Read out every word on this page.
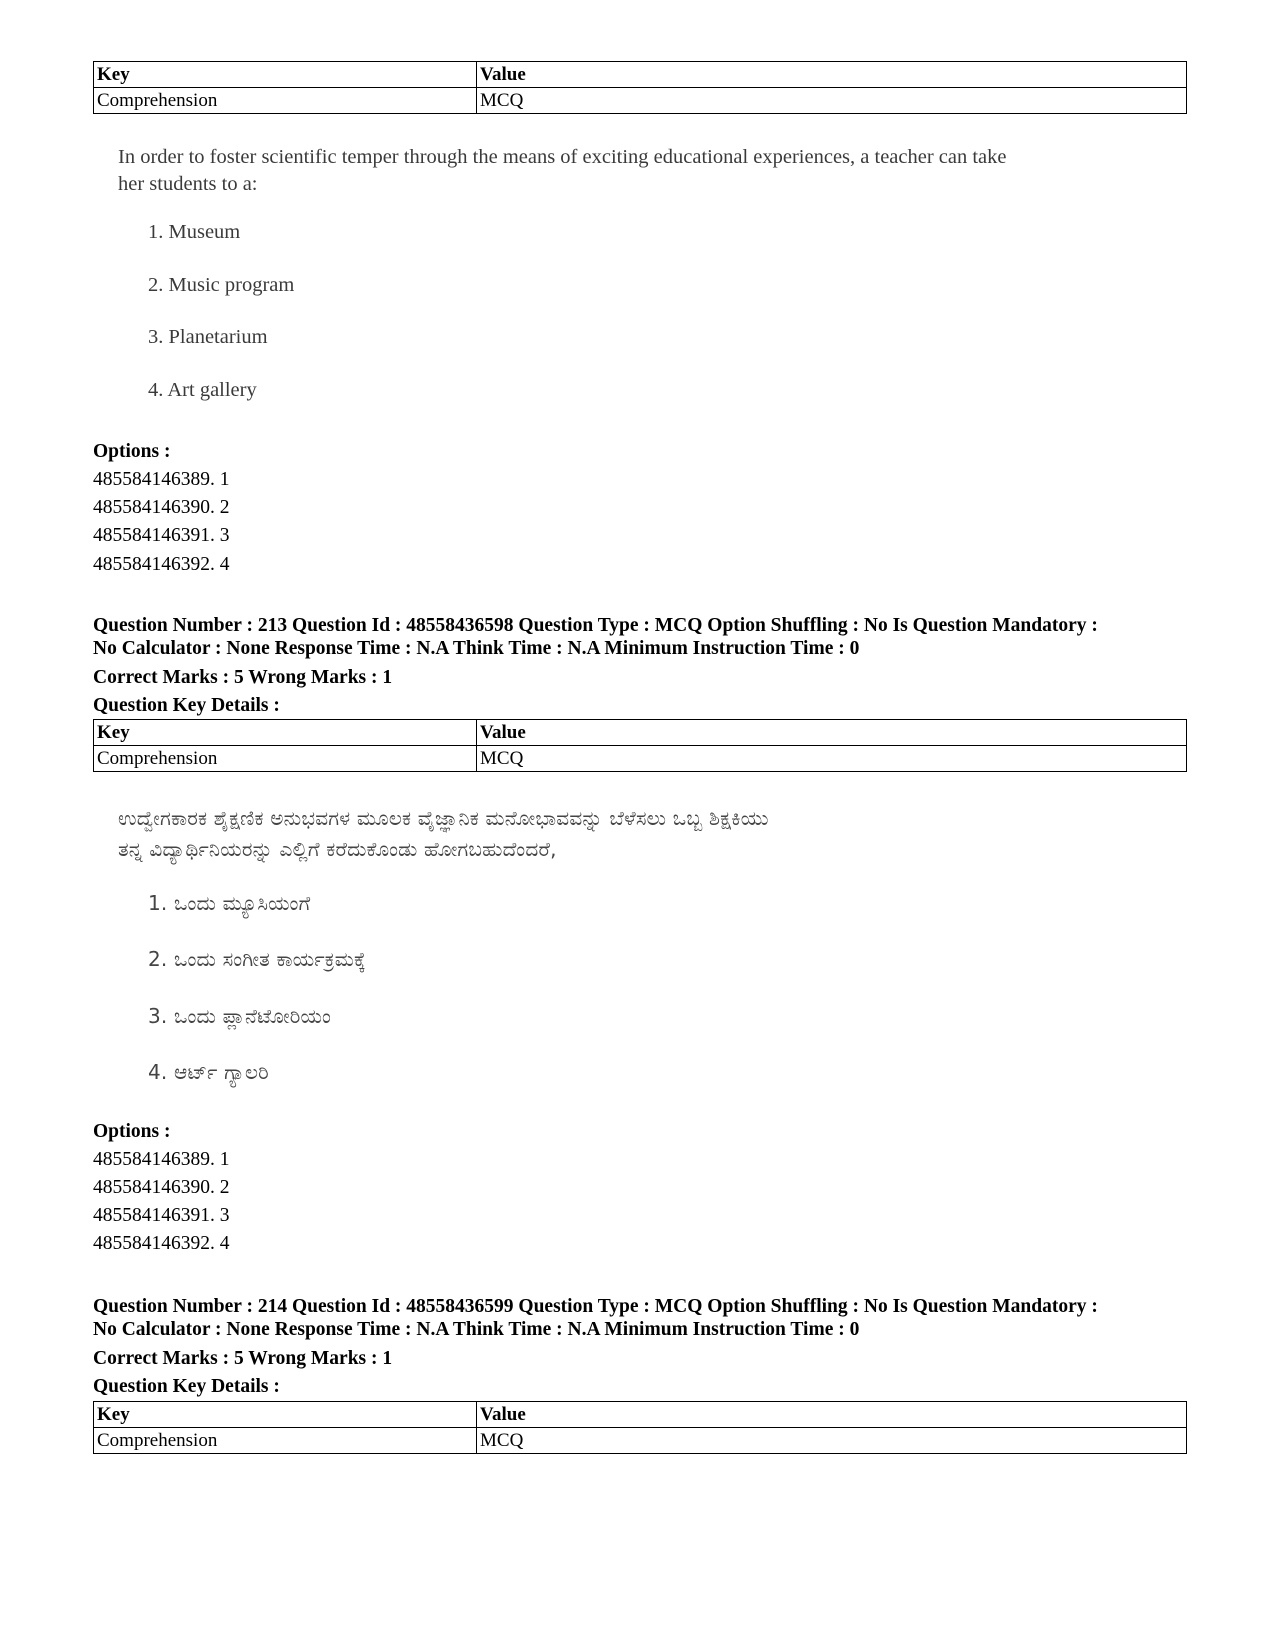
Key	Value
Comprehension	MCQ

In order to foster scientific temper through the means of exciting educational experiences, a teacher can take

her students to a:

1. Museum
2. Music program
3. Planetarium
4. Art gallery
Options :
485584146389. 1
485584146390. 2
485584146391. 3
485584146392. 4
Question Number : 213 Question Id : 48558436598 Question Type : MCQ Option Shuffling : No Is Question Mandatory :
No Calculator : None Response Time : N.A Think Time : N.A Minimum Instruction Time : 0
Correct Marks : 5 Wrong Marks : 1
Question Key Details :
Key	Value
Comprehension	MCQ

ಉದ್ವೇಗಕಾರಕ ಶೈಕ್ಷಣಿಕ ಅನುಭವಗಳ ಮೂಲಕ ವೈಜ್ಞಾನಿಕ ಮನೋಭಾವವನ್ನು ಬೆಳೆಸಲು ಒಬ್ಬ ಶಿಕ್ಷಕಿಯು

ತನ್ನ ವಿದ್ಯಾರ್ಥಿನಿಯರನ್ನು ಎಲ್ಲಿಗೆ ಕರೆದುಕೊಂಡು ಹೋಗಬಹುದೆಂದರೆ,

1. ಒಂದು ಮ್ಯೂಸಿಯಂಗೆ
2. ಒಂದು ಸಂಗೀತ ಕಾರ್ಯಕ್ರಮಕ್ಕೆ
3. ಒಂದು ಪ್ಲಾನೆಟೋರಿಯಂ
4. ಆರ್ಟ್ ಗ್ಯಾಲರಿ
Options :
485584146389. 1
485584146390. 2
485584146391. 3
485584146392. 4
Question Number : 214 Question Id : 48558436599 Question Type : MCQ Option Shuffling : No Is Question Mandatory :
No Calculator : None Response Time : N.A Think Time : N.A Minimum Instruction Time : 0
Correct Marks : 5 Wrong Marks : 1
Question Key Details :
Key	Value
Comprehension	MCQ
